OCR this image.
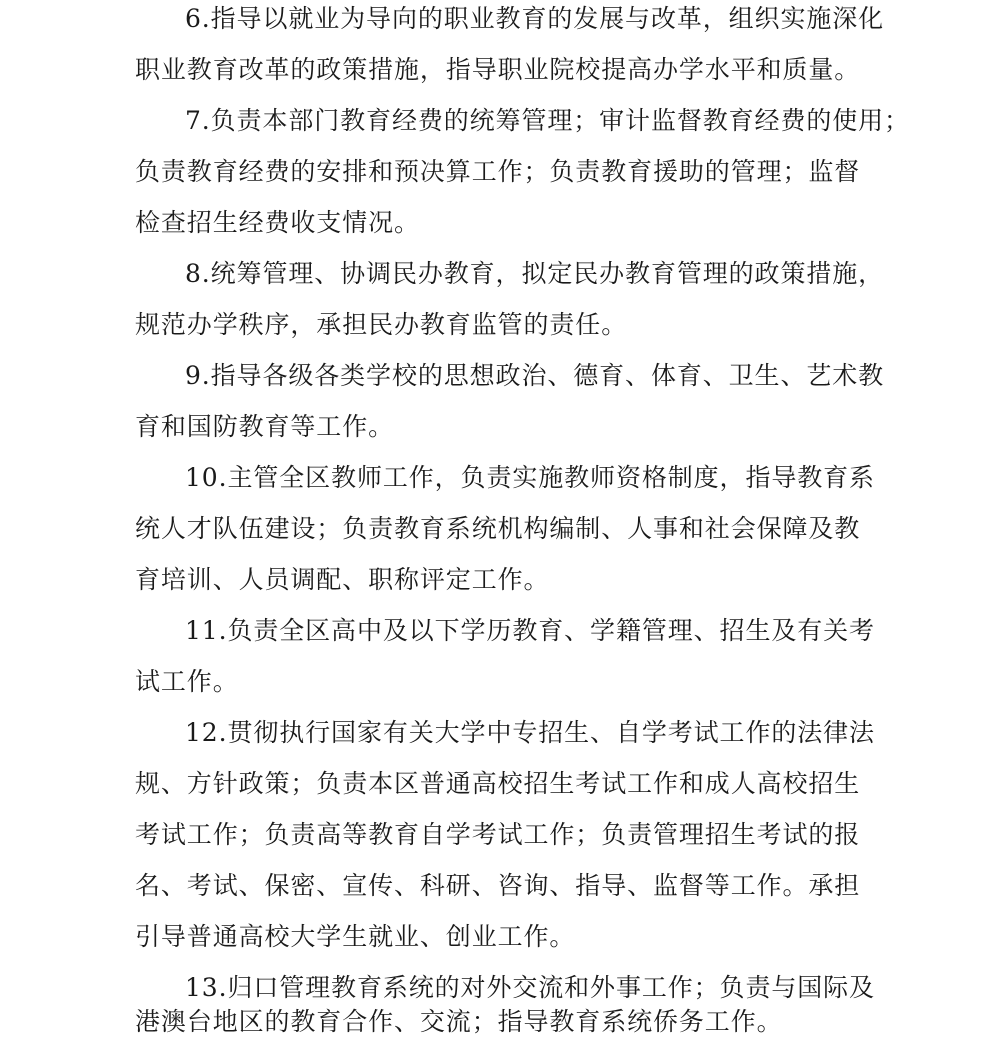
6.指导以就业为导向的职业教育的发展与改革，组织实施深化
职业教育改革的政策措施，指导职业院校提高办学水平和质量。
7.负责本部门教育经费的统筹管理；审计监督教育经费的使用；
负责教育经费的安排和预决算工作；负责教育援助的管理；监督
检查招生经费收支情况。
8.统筹管理、协调民办教育，拟定民办教育管理的政策措施，
规范办学秩序，承担民办教育监管的责任。
9.指导各级各类学校的思想政治、德育、体育、卫生、艺术教
育和国防教育等工作。
10.主管全区教师工作，负责实施教师资格制度，指导教育系
统人才队伍建设；负责教育系统机构编制、人事和社会保障及教
育培训、人员调配、职称评定工作。
11.负责全区高中及以下学历教育、学籍管理、招生及有关考
试工作。
12.贯彻执行国家有关大学中专招生、自学考试工作的法律法
规、方针政策；负责本区普通高校招生考试工作和成人高校招生
考试工作；负责高等教育自学考试工作；负责管理招生考试的报
名、考试、保密、宣传、科研、咨询、指导、监督等工作。承担
引导普通高校大学生就业、创业工作。
13.归口管理教育系统的对外交流和外事工作；负责与国际及
港澳台地区的教育合作、交流；指导教育系统侨务工作。
